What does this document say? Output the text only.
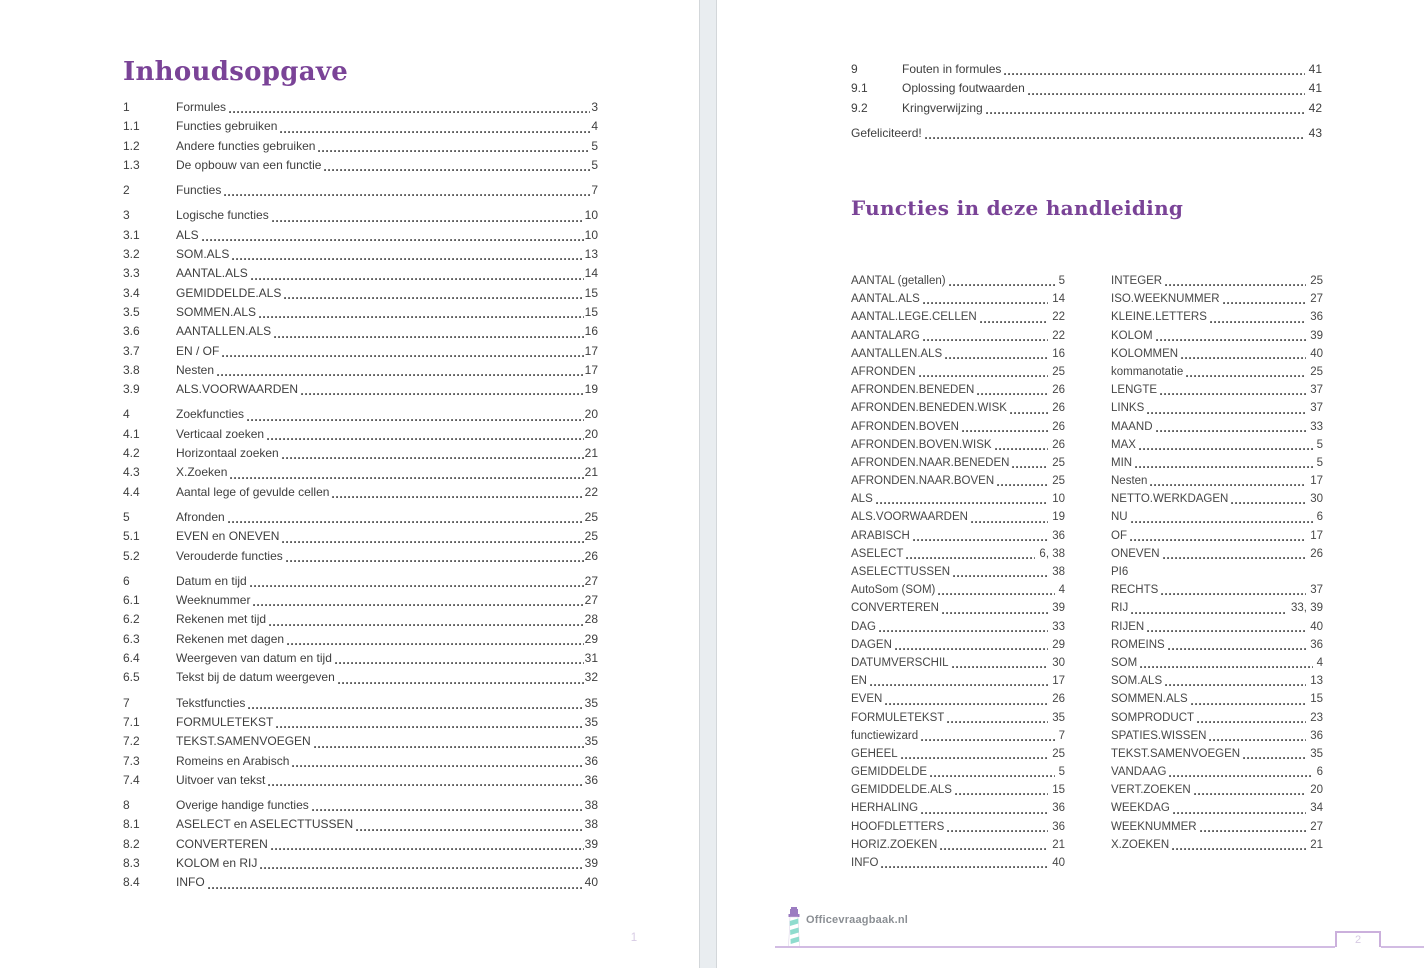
Inhoudsopgave
1	Formules	3
1.1	Functies gebruiken	4
1.2	Andere functies gebruiken	5
1.3	De opbouw van een functie	5
2	Functies	7
3	Logische functies	10
3.1	ALS	10
3.2	SOM.ALS	13
3.3	AANTAL.ALS	14
3.4	GEMIDDELDE.ALS	15
3.5	SOMMEN.ALS	15
3.6	AANTALLEN.ALS	16
3.7	EN / OF	17
3.8	Nesten	17
3.9	ALS.VOORWAARDEN	19
4	Zoekfuncties	20
4.1	Verticaal zoeken	20
4.2	Horizontaal zoeken	21
4.3	X.Zoeken	21
4.4	Aantal lege of gevulde cellen	22
5	Afronden	25
5.1	EVEN en ONEVEN	25
5.2	Verouderde functies	26
6	Datum en tijd	27
6.1	Weeknummer	27
6.2	Rekenen met tijd	28
6.3	Rekenen met dagen	29
6.4	Weergeven van datum en tijd	31
6.5	Tekst bij de datum weergeven	32
7	Tekstfuncties	35
7.1	FORMULETEKST	35
7.2	TEKST.SAMENVOEGEN	35
7.3	Romeins en Arabisch	36
7.4	Uitvoer van tekst	36
8	Overige handige functies	38
8.1	ASELECT en ASELECTTUSSEN	38
8.2	CONVERTEREN	39
8.3	KOLOM en RIJ	39
8.4	INFO	40
1
9	Fouten in formules	41
9.1	Oplossing foutwaarden	41
9.2	Kringverwijzing	42
Gefeliciteerd!	43
Functies in deze handleiding
AANTAL (getallen)	5
AANTAL.ALS	14
AANTAL.LEGE.CELLEN	22
AANTALARG	22
AANTALLEN.ALS	16
AFRONDEN	25
AFRONDEN.BENEDEN	26
AFRONDEN.BENEDEN.WISK	26
AFRONDEN.BOVEN	26
AFRONDEN.BOVEN.WISK	26
AFRONDEN.NAAR.BENEDEN	25
AFRONDEN.NAAR.BOVEN	25
ALS	10
ALS.VOORWAARDEN	19
ARABISCH	36
ASELECT	6, 38
ASELECTTUSSEN	38
AutoSom (SOM)	4
CONVERTEREN	39
DAG	33
DAGEN	29
DATUMVERSCHIL	30
EN	17
EVEN	26
FORMULETEKST	35
functiewizard	7
GEHEEL	25
GEMIDDELDE	5
GEMIDDELDE.ALS	15
HERHALING	36
HOOFDLETTERS	36
HORIZ.ZOEKEN	21
INFO	40
INTEGER	25
ISO.WEEKNUMMER	27
KLEINE.LETTERS	36
KOLOM	39
KOLOMMEN	40
kommanotatie	25
LENGTE	37
LINKS	37
MAAND	33
MAX	5
MIN	5
Nesten	17
NETTO.WERKDAGEN	30
NU	6
OF	17
ONEVEN	26
PI6
RECHTS	37
RIJ	33, 39
RIJEN	40
ROMEINS	36
SOM	4
SOM.ALS	13
SOMMEN.ALS	15
SOMPRODUCT	23
SPATIES.WISSEN	36
TEKST.SAMENVOEGEN	35
VANDAAG	6
VERT.ZOEKEN	20
WEEKDAG	34
WEEKNUMMER	27
X.ZOEKEN	21
Officevraagbaak.nl
2
